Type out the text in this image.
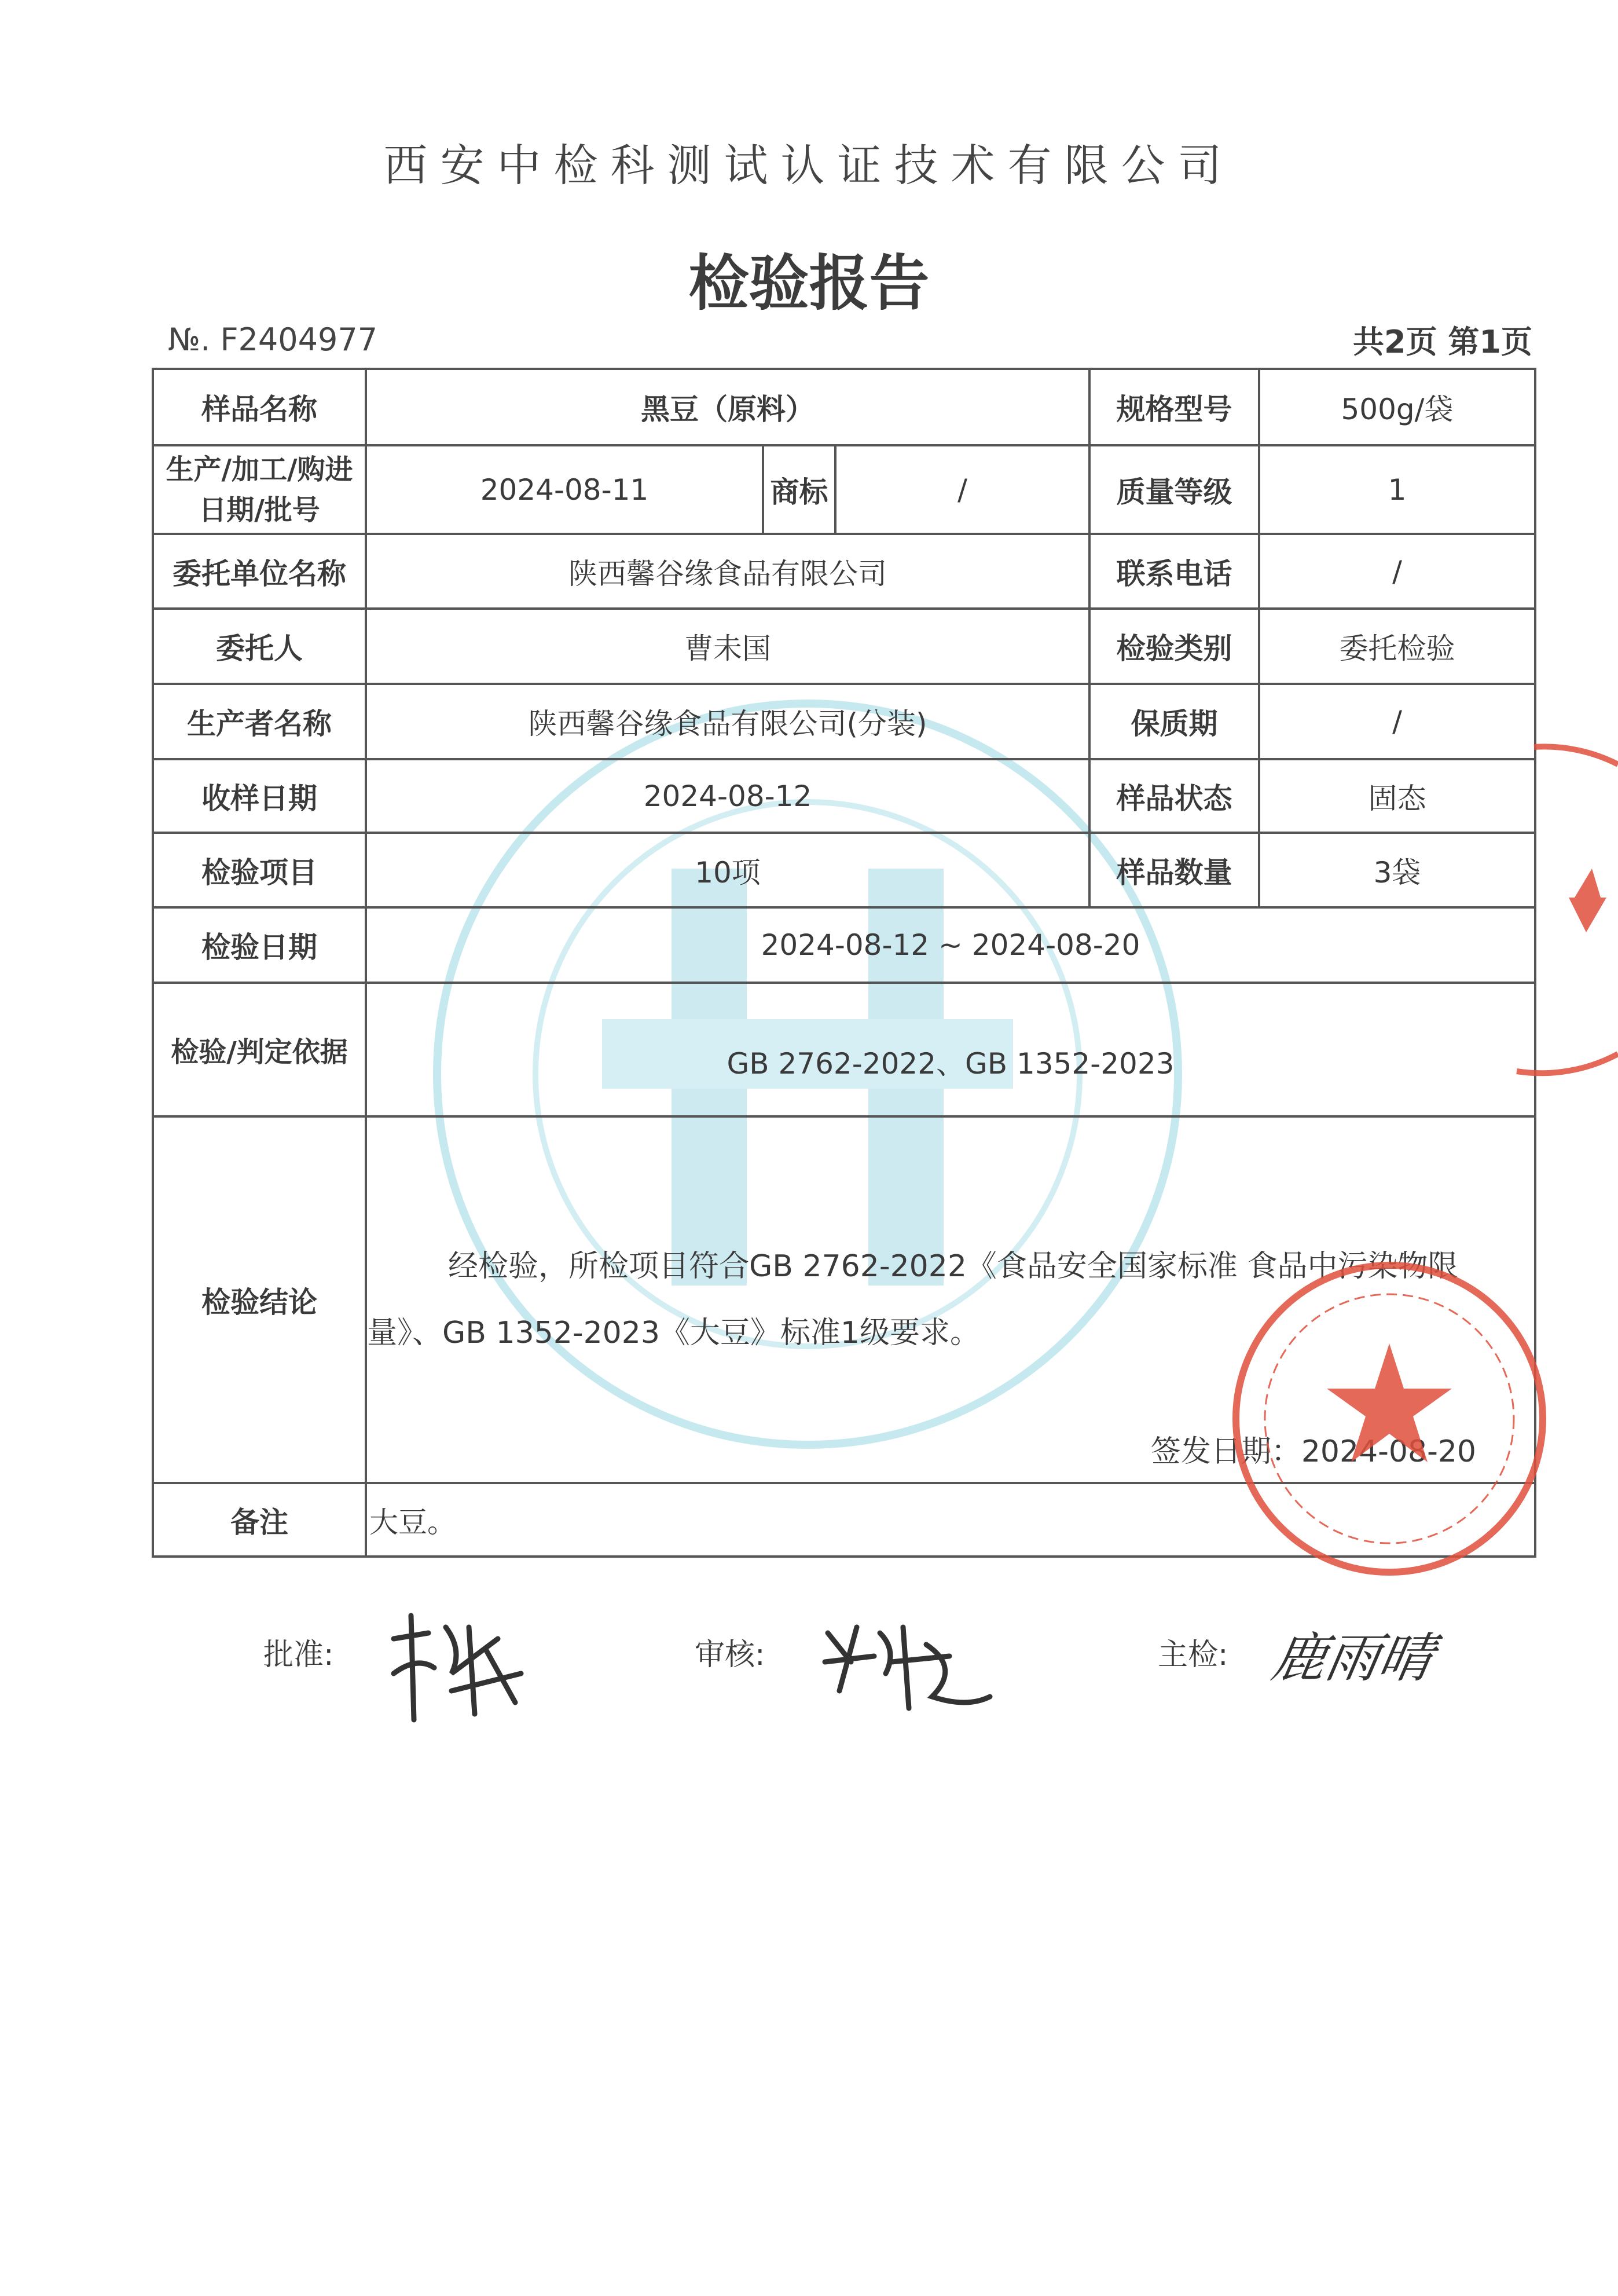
西安中检科测试认证技术有限公司
检验报告
№. F2404977	共2页 第1页
样品名称	黑豆（原料）			规格型号	500g/袋
生产/加工/购进日期/批号	2024-08-11	商标	/	质量等级	1
委托单位名称	陕西馨谷缘食品有限公司			联系电话	/
委托人	曹未国			检验类别	委托检验
生产者名称	陕西馨谷缘食品有限公司(分装)			保质期	/
收样日期	2024-08-12			样品状态	固态
检验项目	10项			样品数量	3袋
检验日期	2024-08-12 ~ 2024-08-20				
检验/判定依据	GB 2762-2022、GB 1352-2023				
检验结论	经检验，所检项目符合GB 2762-2022《食品安全国家标准 食品中污染物限量》、GB 1352-2023《大豆》标准1级要求。

签发日期：2024-08-20				

备注	大豆。				
批准:	审核:	主检: 鹿雨晴
